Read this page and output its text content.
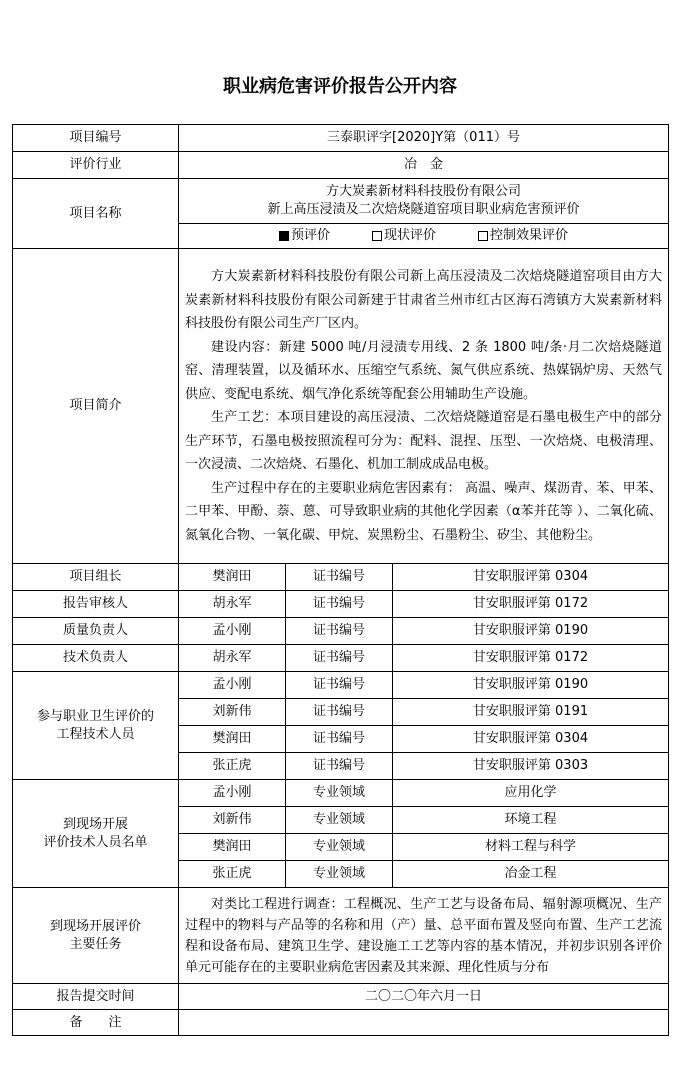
职业病危害评价报告公开内容
项目编号	三泰职评字[2020]Y第（011）号		
评价行业	冶　金		
项目名称	方大炭素新材料科技股份有限公司
新上高压浸渍及二次焙烧隧道窑项目职业病危害预评价		

	预评价 现状评价 控制效果评价		

项目简介	方大炭素新材料科技股份有限公司新上高压浸渍及二次焙烧隧道窑项目由方大炭素新材料科技股份有限公司新建于甘肃省兰州市红古区海石湾镇方大炭素新材料科技股份有限公司生产厂区内。

建设内容：新建 5000 吨/月浸渍专用线、2 条 1800 吨/条·月二次焙烧隧道窑、清理装置，以及循环水、压缩空气系统、氮气供应系统、热媒锅炉房、天然气供应、变配电系统、烟气净化系统等配套公用辅助生产设施。

生产工艺：本项目建设的高压浸渍、二次焙烧隧道窑是石墨电极生产中的部分生产环节，石墨电极按照流程可分为：配料、混捏、压型、一次焙烧、电极清理、一次浸渍、二次焙烧、石墨化、机加工制成成品电极。

生产过程中存在的主要职业病危害因素有： 高温、噪声、煤沥青、苯、甲苯、二甲苯、甲酚、萘、蒽、可导致职业病的其他化学因素（α苯并芘等 ）、二氧化硫、氮氧化合物、一氧化碳、甲烷、炭黑粉尘、石墨粉尘、矽尘、其他粉尘。		

项目组长	樊润田	证书编号	甘安职服评第 0304
报告审核人	胡永军	证书编号	甘安职服评第 0172
质量负责人	孟小刚	证书编号	甘安职服评第 0190
技术负责人	胡永军	证书编号	甘安职服评第 0172

参与职业卫生评价的
工程技术人员	孟小刚	证书编号	甘安职服评第 0190
	刘新伟	证书编号	甘安职服评第 0191
	樊润田	证书编号	甘安职服评第 0304
	张正虎	证书编号	甘安职服评第 0303

到现场开展
评价技术人员名单	孟小刚	专业领域	应用化学
	刘新伟	专业领域	环境工程
	樊润田	专业领域	材料工程与科学
	张正虎	专业领域	冶金工程

到现场开展评价
主要任务	对类比工程进行调查：工程概况、生产工艺与设备布局、辐射源项概况、生产过程中的物料与产品等的名称和用（产）量、总平面布置及竖向布置、生产工艺流程和设备布局、建筑卫生学、建设施工工艺等内容的基本情况，并初步识别各评价单元可能存在的主要职业病危害因素及其来源、理化性质与分布		

报告提交时间	二〇二〇年六月一日		
备　　注			
